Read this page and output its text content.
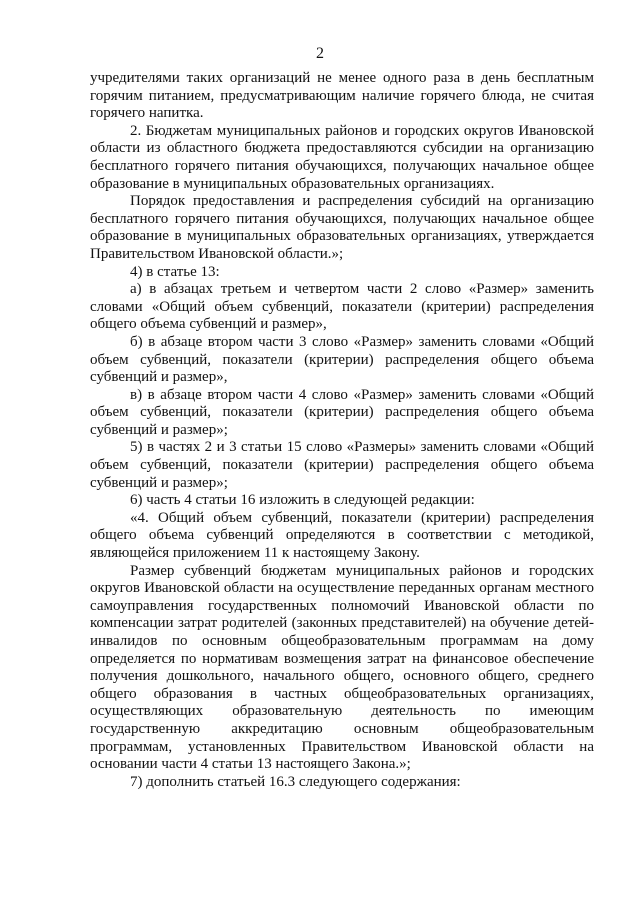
2

учредителями таких организаций не менее одного раза в день бесплатным горячим питанием, предусматривающим наличие горячего блюда, не считая горячего напитка.

2. Бюджетам муниципальных районов и городских округов Ивановской области из областного бюджета предоставляются субсидии на организацию бесплатного горячего питания обучающихся, получающих начальное общее образование в муниципальных образовательных организациях.

Порядок предоставления и распределения субсидий на организацию бесплатного горячего питания обучающихся, получающих начальное общее образование в муниципальных образовательных организациях, утверждается Правительством Ивановской области.»;

4) в статье 13:

а) в абзацах третьем и четвертом части 2 слово «Размер» заменить словами «Общий объем субвенций, показатели (критерии) распределения общего объема субвенций и размер»,

б) в абзаце втором части 3 слово «Размер» заменить словами «Общий объем субвенций, показатели (критерии) распределения общего объема субвенций и размер»,

в) в абзаце втором части 4 слово «Размер» заменить словами «Общий объем субвенций, показатели (критерии) распределения общего объема субвенций и размер»;

5) в частях 2 и 3 статьи 15 слово «Размеры» заменить словами «Общий объем субвенций, показатели (критерии) распределения общего объема субвенций и размер»;

6) часть 4 статьи 16 изложить в следующей редакции:

«4. Общий объем субвенций, показатели (критерии) распределения общего объема субвенций определяются в соответствии с методикой, являющейся приложением 11 к настоящему Закону.

Размер субвенций бюджетам муниципальных районов и городских округов Ивановской области на осуществление переданных органам местного самоуправления государственных полномочий Ивановской области по компенсации затрат родителей (законных представителей) на обучение детей-инвалидов по основным общеобразовательным программам на дому определяется по нормативам возмещения затрат на финансовое обеспечение получения дошкольного, начального общего, основного общего, среднего общего образования в частных общеобразовательных организациях, осуществляющих образовательную деятельность по имеющим государственную аккредитацию основным общеобразовательным программам, установленных Правительством Ивановской области на основании части 4 статьи 13 настоящего Закона.»;

7) дополнить статьей 16.3 следующего содержания:
